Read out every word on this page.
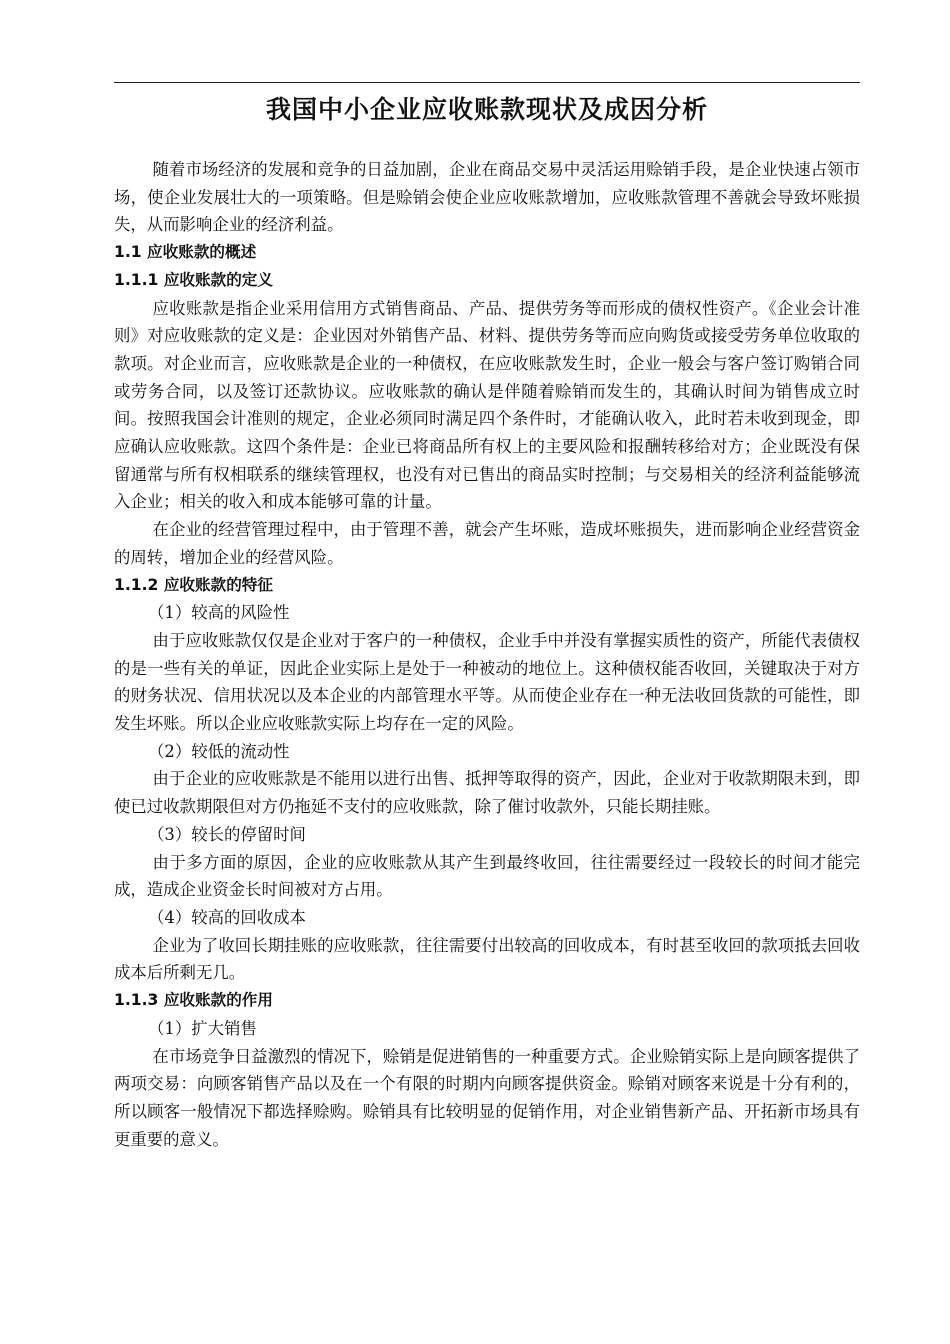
我国中小企业应收账款现状及成因分析

随着市场经济的发展和竞争的日益加剧，企业在商品交易中灵活运用赊销手段，是企业快速占领市场，使企业发展壮大的一项策略。但是赊销会使企业应收账款增加，应收账款管理不善就会导致坏账损失，从而影响企业的经济利益。

1.1 应收账款的概述

1.1.1 应收账款的定义

应收账款是指企业采用信用方式销售商品、产品、提供劳务等而形成的债权性资产。《企业会计准则》对应收账款的定义是：企业因对外销售产品、材料、提供劳务等而应向购货或接受劳务单位收取的款项。对企业而言，应收账款是企业的一种债权，在应收账款发生时，企业一般会与客户签订购销合同或劳务合同，以及签订还款协议。应收账款的确认是伴随着赊销而发生的，其确认时间为销售成立时间。按照我国会计准则的规定，企业必须同时满足四个条件时，才能确认收入，此时若未收到现金，即应确认应收账款。这四个条件是：企业已将商品所有权上的主要风险和报酬转移给对方；企业既没有保留通常与所有权相联系的继续管理权，也没有对已售出的商品实时控制；与交易相关的经济利益能够流入企业；相关的收入和成本能够可靠的计量。

在企业的经营管理过程中，由于管理不善，就会产生坏账，造成坏账损失，进而影响企业经营资金的周转，增加企业的经营风险。

1.1.2 应收账款的特征

（1）较高的风险性

由于应收账款仅仅是企业对于客户的一种债权，企业手中并没有掌握实质性的资产，所能代表债权的是一些有关的单证，因此企业实际上是处于一种被动的地位上。这种债权能否收回，关键取决于对方的财务状况、信用状况以及本企业的内部管理水平等。从而使企业存在一种无法收回货款的可能性，即发生坏账。所以企业应收账款实际上均存在一定的风险。

（2）较低的流动性

由于企业的应收账款是不能用以进行出售、抵押等取得的资产，因此，企业对于收款期限未到，即使已过收款期限但对方仍拖延不支付的应收账款，除了催讨收款外，只能长期挂账。

（3）较长的停留时间

由于多方面的原因，企业的应收账款从其产生到最终收回，往往需要经过一段较长的时间才能完成，造成企业资金长时间被对方占用。

（4）较高的回收成本

企业为了收回长期挂账的应收账款，往往需要付出较高的回收成本，有时甚至收回的款项抵去回收成本后所剩无几。

1.1.3 应收账款的作用

（1）扩大销售

在市场竞争日益激烈的情况下，赊销是促进销售的一种重要方式。企业赊销实际上是向顾客提供了两项交易：向顾客销售产品以及在一个有限的时期内向顾客提供资金。赊销对顾客来说是十分有利的，所以顾客一般情况下都选择赊购。赊销具有比较明显的促销作用，对企业销售新产品、开拓新市场具有更重要的意义。
